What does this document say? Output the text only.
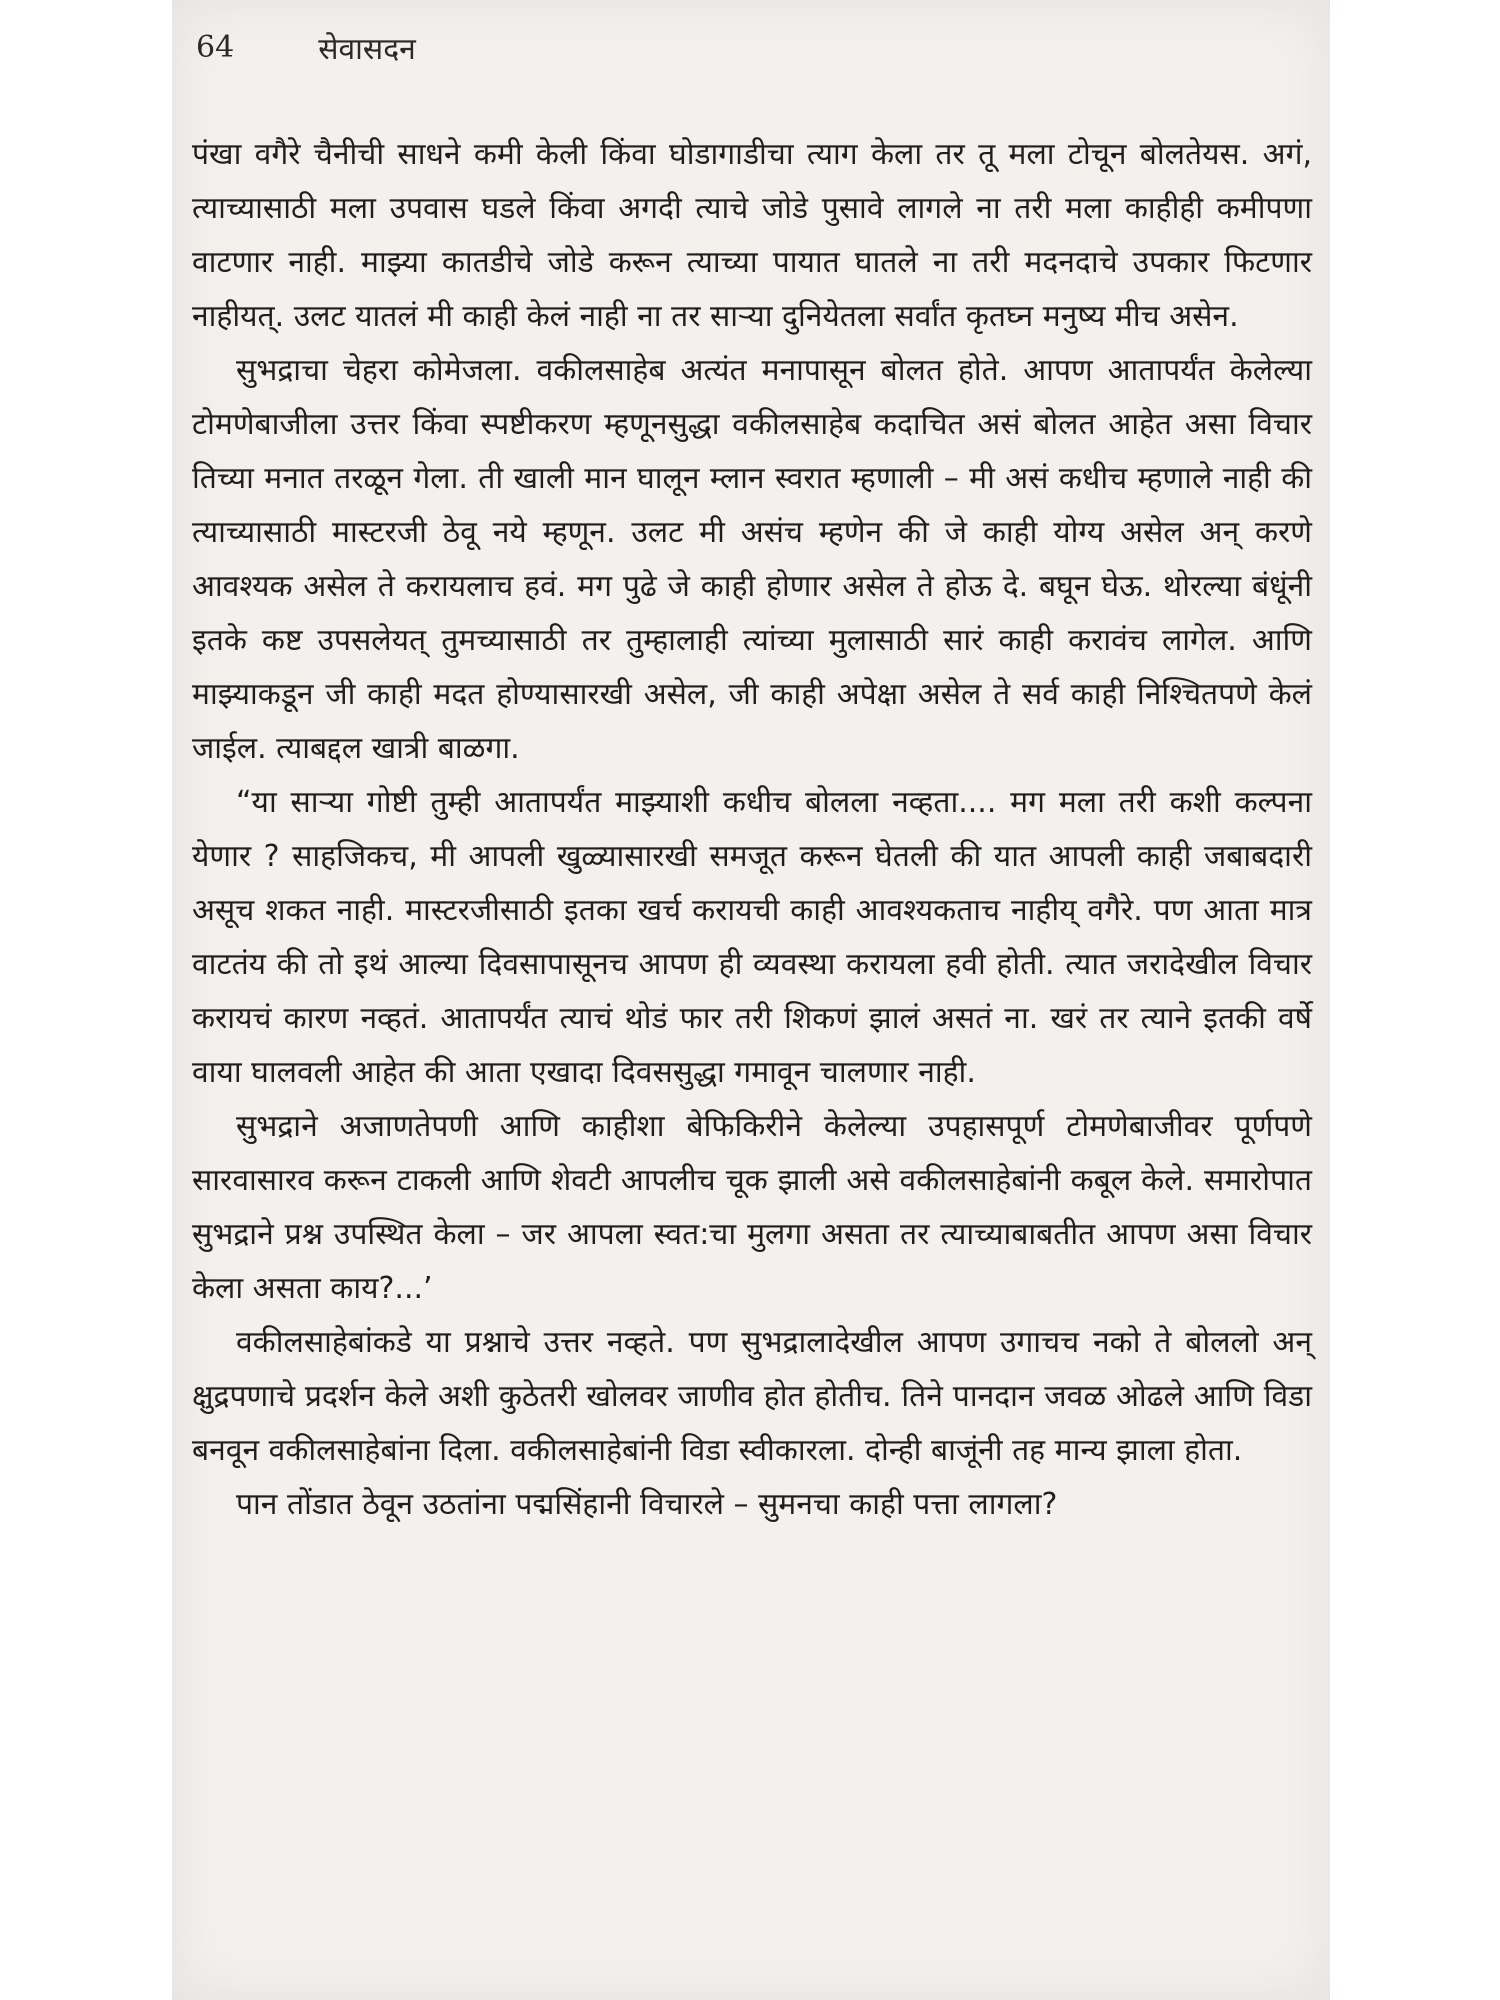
64	सेवासदन

पंखा वगैरे चैनीची साधने कमी केली किंवा घोडागाडीचा त्याग केला तर तू मला टोचून बोलतेयस. अगं, त्याच्यासाठी मला उपवास घडले किंवा अगदी त्याचे जोडे पुसावे लागले ना तरी मला काहीही कमीपणा वाटणार नाही. माझ्या कातडीचे जोडे करून त्याच्या पायात घातले ना तरी मदनदाचे उपकार फिटणार नाहीयत्. उलट यातलं मी काही केलं नाही ना तर साऱ्या दुनियेतला सर्वांत कृतघ्न मनुष्य मीच असेन.

सुभद्राचा चेहरा कोमेजला. वकीलसाहेब अत्यंत मनापासून बोलत होते. आपण आतापर्यंत केलेल्या टोमणेबाजीला उत्तर किंवा स्पष्टीकरण म्हणूनसुद्धा वकीलसाहेब कदाचित असं बोलत आहेत असा विचार तिच्या मनात तरळून गेला. ती खाली मान घालून म्लान स्वरात म्हणाली – मी असं कधीच म्हणाले नाही की त्याच्यासाठी मास्टरजी ठेवू नये म्हणून. उलट मी असंच म्हणेन की जे काही योग्य असेल अन् करणे आवश्यक असेल ते करायलाच हवं. मग पुढे जे काही होणार असेल ते होऊ दे. बघून घेऊ. थोरल्या बंधूंनी इतके कष्ट उपसलेयत् तुमच्यासाठी तर तुम्हालाही त्यांच्या मुलासाठी सारं काही करावंच लागेल. आणि माझ्याकडून जी काही मदत होण्यासारखी असेल, जी काही अपेक्षा असेल ते सर्व काही निश्चितपणे केलं जाईल. त्याबद्दल खात्री बाळगा.

“या साऱ्या गोष्टी तुम्ही आतापर्यंत माझ्याशी कधीच बोलला नव्हता.... मग मला तरी कशी कल्पना येणार ? साहजिकच, मी आपली खुळ्यासारखी समजूत करून घेतली की यात आपली काही जबाबदारी असूच शकत नाही. मास्टरजीसाठी इतका खर्च करायची काही आवश्यकताच नाहीय् वगैरे. पण आता मात्र वाटतंय की तो इथं आल्या दिवसापासूनच आपण ही व्यवस्था करायला हवी होती. त्यात जरादेखील विचार करायचं कारण नव्हतं. आतापर्यंत त्याचं थोडं फार तरी शिकणं झालं असतं ना. खरं तर त्याने इतकी वर्षे वाया घालवली आहेत की आता एखादा दिवससुद्धा गमावून चालणार नाही.

सुभद्राने अजाणतेपणी आणि काहीशा बेफिकिरीने केलेल्या उपहासपूर्ण टोमणेबाजीवर पूर्णपणे सारवासारव करून टाकली आणि शेवटी आपलीच चूक झाली असे वकीलसाहेबांनी कबूल केले. समारोपात सुभद्राने प्रश्न उपस्थित केला – जर आपला स्वत:चा मुलगा असता तर त्याच्याबाबतीत आपण असा विचार केला असता काय?...’

वकीलसाहेबांकडे या प्रश्नाचे उत्तर नव्हते. पण सुभद्रालादेखील आपण उगाचच नको ते बोललो अन् क्षुद्रपणाचे प्रदर्शन केले अशी कुठेतरी खोलवर जाणीव होत होतीच. तिने पानदान जवळ ओढले आणि विडा बनवून वकीलसाहेबांना दिला. वकीलसाहेबांनी विडा स्वीकारला. दोन्ही बाजूंनी तह मान्य झाला होता.

पान तोंडात ठेवून उठतांना पद्मसिंहानी विचारले – सुमनचा काही पत्ता लागला?
